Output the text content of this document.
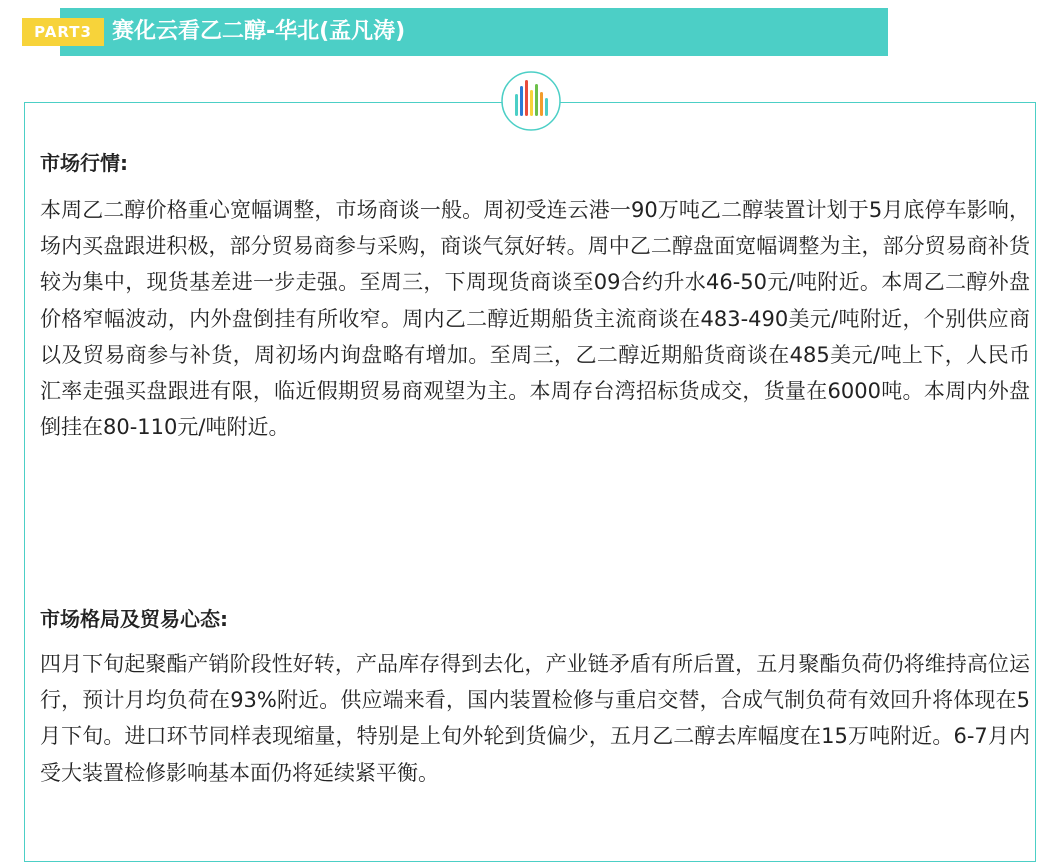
PART3 赛化云看乙二醇-华北(孟凡涛)
市场行情:
本周乙二醇价格重心宽幅调整，市场商谈一般。周初受连云港一90万吨乙二醇装置计划于5月底停车影响，场内买盘跟进积极，部分贸易商参与采购，商谈气氛好转。周中乙二醇盘面宽幅调整为主，部分贸易商补货较为集中，现货基差进一步走强。至周三，下周现货商谈至09合约升水46-50元/吨附近。本周乙二醇外盘价格窄幅波动，内外盘倒挂有所收窄。周内乙二醇近期船货主流商谈在483-490美元/吨附近，个别供应商以及贸易商参与补货，周初场内询盘略有增加。至周三，乙二醇近期船货商谈在485美元/吨上下，人民币汇率走强买盘跟进有限，临近假期贸易商观望为主。本周存台湾招标货成交，货量在6000吨。本周内外盘倒挂在80-110元/吨附近。
市场格局及贸易心态:
四月下旬起聚酯产销阶段性好转，产品库存得到去化，产业链矛盾有所后置，五月聚酯负荷仍将维持高位运行，预计月均负荷在93%附近。供应端来看，国内装置检修与重启交替，合成气制负荷有效回升将体现在5月下旬。进口环节同样表现缩量，特别是上旬外轮到货偏少，五月乙二醇去库幅度在15万吨附近。6-7月内受大装置检修影响基本面仍将延续紧平衡。
